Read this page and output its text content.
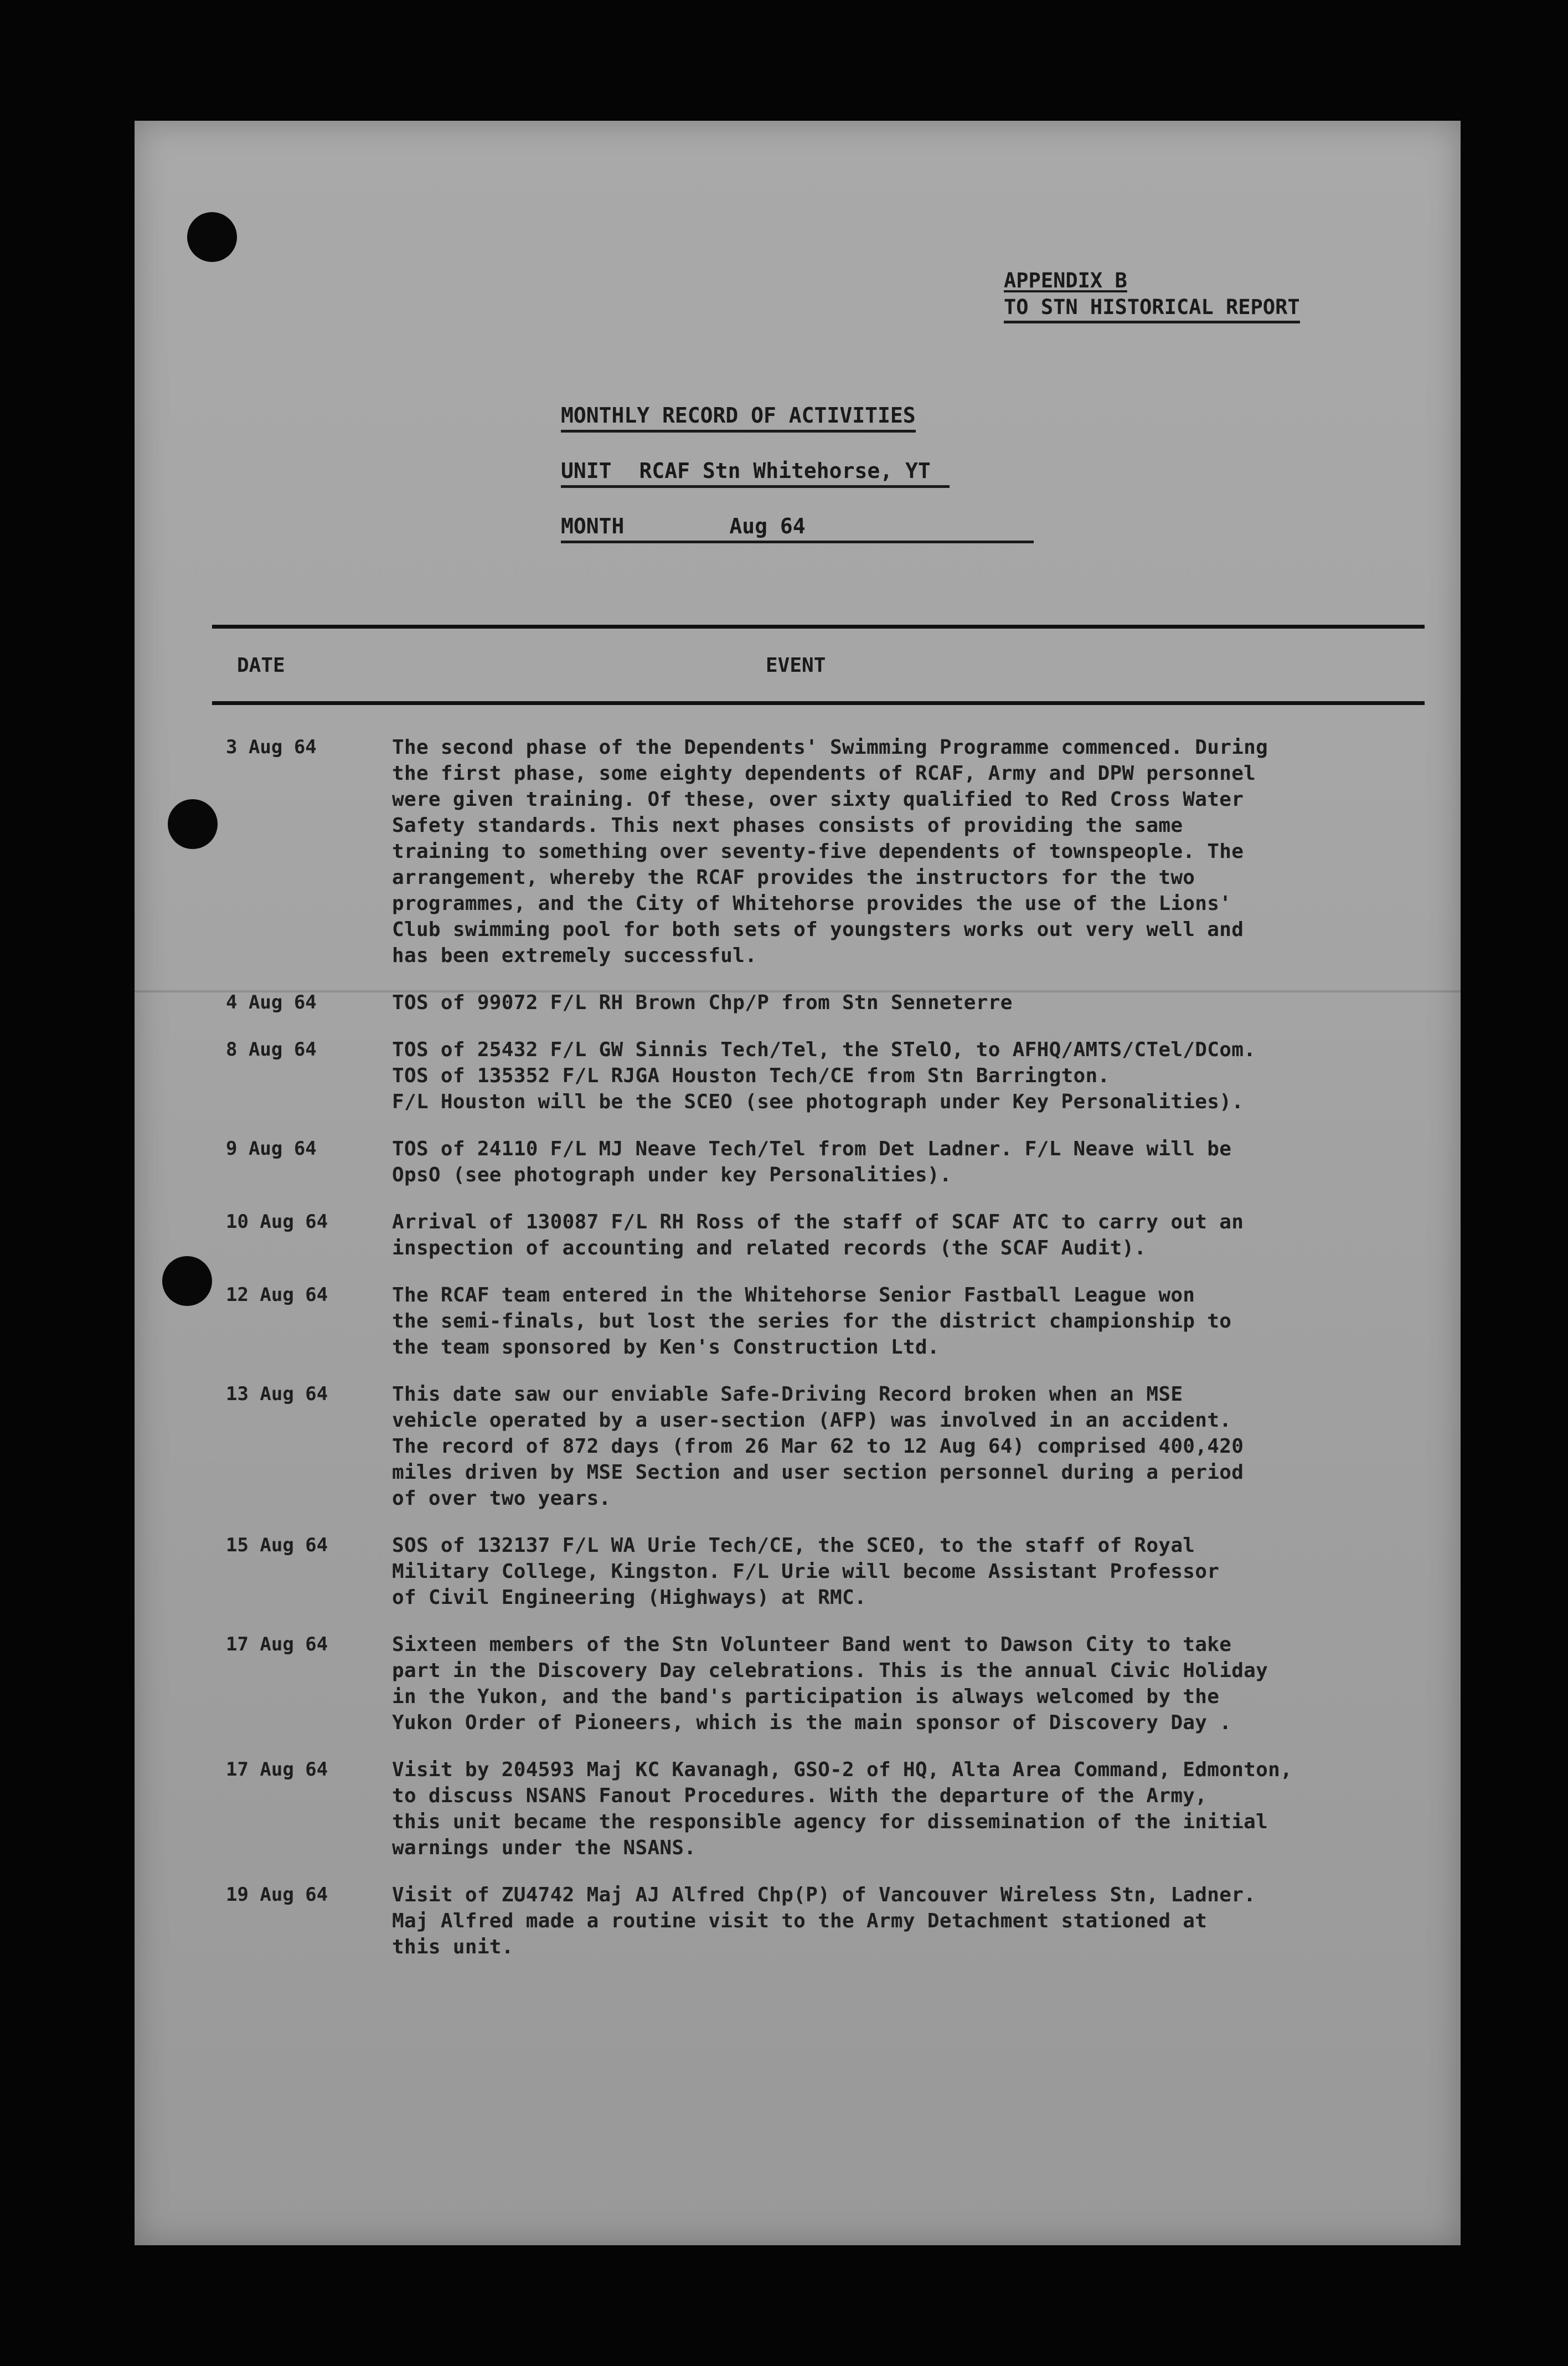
APPENDIX B
TO STN HISTORICAL REPORT
MONTHLY RECORD OF ACTIVITIES
UNIT RCAF Stn Whitehorse, YT
MONTH	Aug 64
DATE	EVENT
3 Aug 64	The second phase of the Dependents' Swimming Programme commenced. During
the first phase, some eighty dependents of RCAF, Army and DPW personnel
were given training. Of these, over sixty qualified to Red Cross Water
Safety standards. This next phases consists of providing the same
training to something over seventy-five dependents of townspeople. The
arrangement, whereby the RCAF provides the instructors for the two
programmes, and the City of Whitehorse provides the use of the Lions'
Club swimming pool for both sets of youngsters works out very well and
has been extremely successful.
4 Aug 64	TOS of 99072 F/L RH Brown Chp/P from Stn Senneterre
8 Aug 64	TOS of 25432 F/L GW Sinnis Tech/Tel, the STelO, to AFHQ/AMTS/CTel/DCom.
TOS of 135352 F/L RJGA Houston Tech/CE from Stn Barrington.
F/L Houston will be the SCEO (see photograph under Key Personalities).
9 Aug 64	TOS of 24110 F/L MJ Neave Tech/Tel from Det Ladner. F/L Neave will be
OpsO (see photograph under key Personalities).
10 Aug 64	Arrival of 130087 F/L RH Ross of the staff of SCAF ATC to carry out an
inspection of accounting and related records (the SCAF Audit).
12 Aug 64	The RCAF team entered in the Whitehorse Senior Fastball League won
the semi-finals, but lost the series for the district championship to
the team sponsored by Ken's Construction Ltd.
13 Aug 64	This date saw our enviable Safe-Driving Record broken when an MSE
vehicle operated by a user-section (AFP) was involved in an accident.
The record of 872 days (from 26 Mar 62 to 12 Aug 64) comprised 400,420
miles driven by MSE Section and user section personnel during a period
of over two years.
15 Aug 64	SOS of 132137 F/L WA Urie Tech/CE, the SCEO, to the staff of Royal
Military College, Kingston. F/L Urie will become Assistant Professor
of Civil Engineering (Highways) at RMC.
17 Aug 64	Sixteen members of the Stn Volunteer Band went to Dawson City to take
part in the Discovery Day celebrations. This is the annual Civic Holiday
in the Yukon, and the band's participation is always welcomed by the
Yukon Order of Pioneers, which is the main sponsor of Discovery Day .
17 Aug 64	Visit by 204593 Maj KC Kavanagh, GSO-2 of HQ, Alta Area Command, Edmonton,
to discuss NSANS Fanout Procedures. With the departure of the Army,
this unit became the responsible agency for dissemination of the initial
warnings under the NSANS.
19 Aug 64	Visit of ZU4742 Maj AJ Alfred Chp(P) of Vancouver Wireless Stn, Ladner.
Maj Alfred made a routine visit to the Army Detachment stationed at
this unit.
